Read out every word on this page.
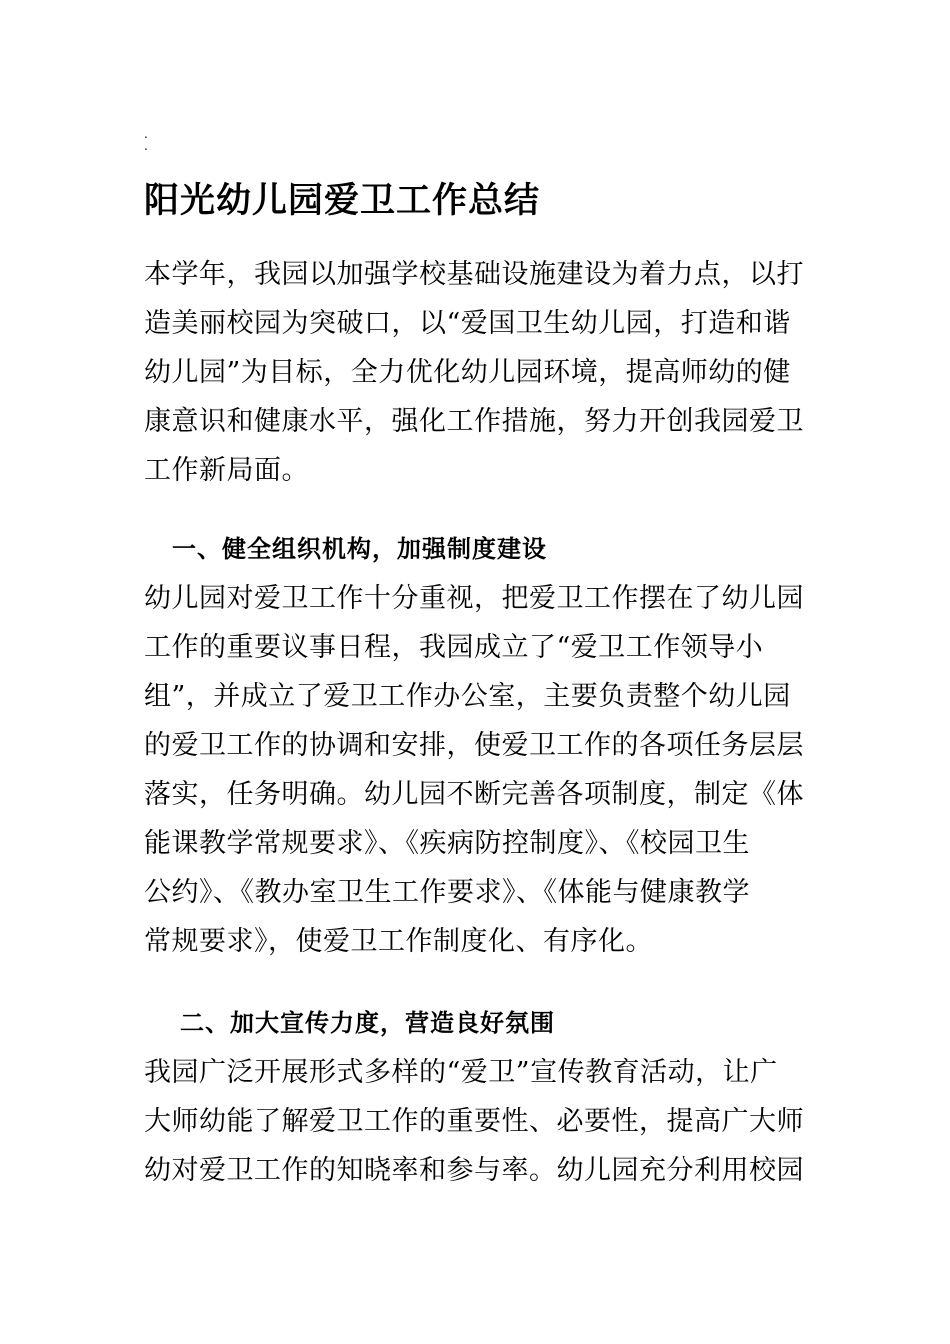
.
.
阳光幼儿园爱卫工作总结
本学年，我园以加强学校基础设施建设为着力点，以打
造美丽校园为突破口，以“爱国卫生幼儿园，打造和谐
幼儿园”为目标，全力优化幼儿园环境，提高师幼的健
康意识和健康水平，强化工作措施，努力开创我园爱卫
工作新局面。
一、健全组织机构，加强制度建设
幼儿园对爱卫工作十分重视，把爱卫工作摆在了幼儿园
工作的重要议事日程，我园成立了“爱卫工作领导小
组”，并成立了爱卫工作办公室，主要负责整个幼儿园
的爱卫工作的协调和安排，使爱卫工作的各项任务层层
落实，任务明确。幼儿园不断完善各项制度，制定《体
能课教学常规要求》、《疾病防控制度》、《校园卫生
公约》、《教办室卫生工作要求》、《体能与健康教学
常规要求》，使爱卫工作制度化、有序化。
二、加大宣传力度，营造良好氛围
我园广泛开展形式多样的“爱卫”宣传教育活动，让广
大师幼能了解爱卫工作的重要性、必要性，提高广大师
幼对爱卫工作的知晓率和参与率。幼儿园充分利用校园
